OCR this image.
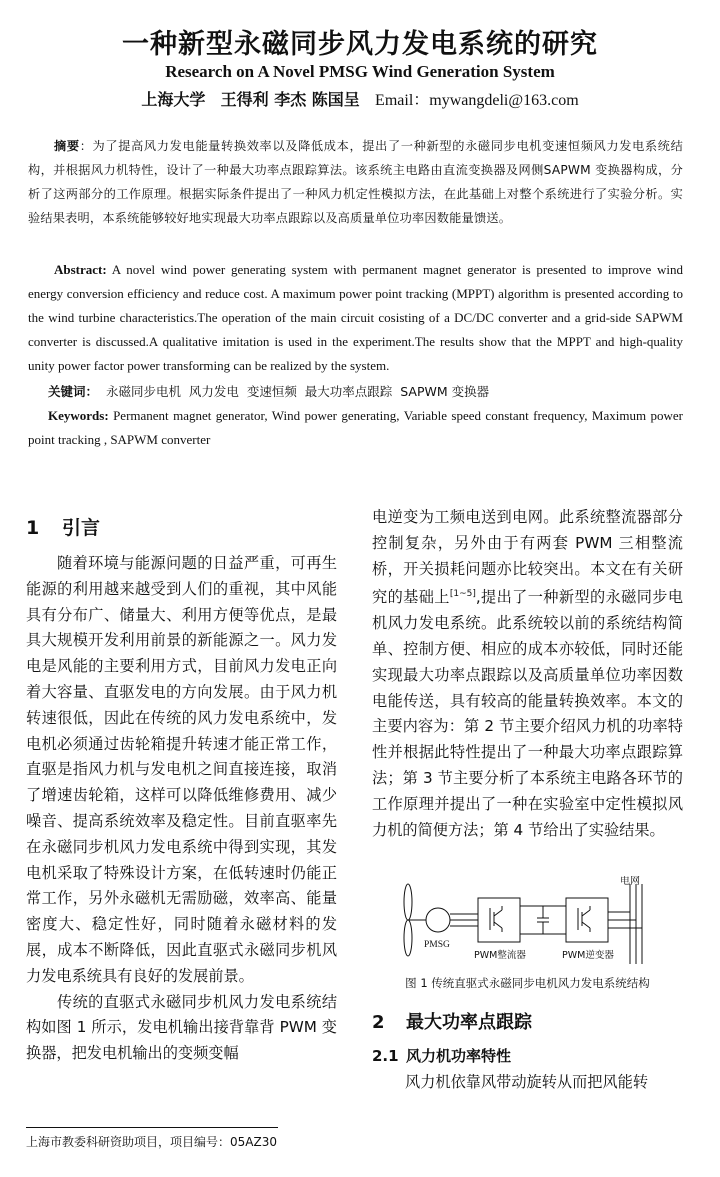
一种新型永磁同步风力发电系统的研究
Research on A Novel PMSG Wind Generation System
上海大学 王得利 李杰 陈国呈 Email：mywangdeli@163.com
摘要：为了提高风力发电能量转换效率以及降低成本，提出了一种新型的永磁同步电机变速恒频风力发电系统结构，并根据风力机特性，设计了一种最大功率点跟踪算法。该系统主电路由直流变换器及网侧SAPWM 变换器构成，分析了这两部分的工作原理。根据实际条件提出了一种风力机定性模拟方法，在此基础上对整个系统进行了实验分析。实验结果表明，本系统能够较好地实现最大功率点跟踪以及高质量单位功率因数能量馈送。
Abstract: A novel wind power generating system with permanent magnet generator is presented to improve wind energy conversion efficiency and reduce cost. A maximum power point tracking (MPPT) algorithm is presented according to the wind turbine characteristics.The operation of the main circuit cosisting of a DC/DC converter and a grid-side SAPWM converter is discussed.A qualitative imitation is used in the experiment.The results show that the MPPT and high-quality unity power factor power transforming can be realized by the system.
关键词：  永磁同步电机  风力发电  变速恒频  最大功率点跟踪  SAPWM 变换器
Keywords: Permanent magnet generator, Wind power generating, Variable speed constant frequency, Maximum power point tracking , SAPWM converter
1 引言

随着环境与能源问题的日益严重，可再生能源的利用越来越受到人们的重视，其中风能具有分布广、储量大、利用方便等优点，是最具大规模开发利用前景的新能源之一。风力发电是风能的主要利用方式，目前风力发电正向着大容量、直驱发电的方向发展。由于风力机转速很低，因此在传统的风力发电系统中，发电机必须通过齿轮箱提升转速才能正常工作，直驱是指风力机与发电机之间直接连接，取消了增速齿轮箱，这样可以降低维修费用、减少噪音、提高系统效率及稳定性。目前直驱率先在永磁同步机风力发电系统中得到实现，其发电机采取了特殊设计方案，在低转速时仍能正常工作，另外永磁机无需励磁，效率高、能量密度大、稳定性好，同时随着永磁材料的发展，成本不断降低，因此直驱式永磁同步机风力发电系统具有良好的发展前景。

传统的直驱式永磁同步机风力发电系统结构如图 1 所示，发电机输出接背靠背 PWM 变换器，把发电机输出的变频变幅

电逆变为工频电送到电网。此系统整流器部分控制复杂，另外由于有两套 PWM 三相整流桥，开关损耗问题亦比较突出。本文在有关研究的基础上[1~5],提出了一种新型的永磁同步电机风力发电系统。此系统较以前的系统结构简单、控制方便、相应的成本亦较低，同时还能实现最大功率点跟踪以及高质量单位功率因数电能传送，具有较高的能量转换效率。本文的主要内容为：第 2 节主要介绍风力机的功率特性并根据此特性提出了一种最大功率点跟踪算法；第 3 节主要分析了本系统主电路各环节的工作原理并提出了一种在实验室中定性模拟风力机的简便方法；第 4 节给出了实验结果。

电网
PMSG
PWM整流器	PWM逆变器
图 1 传统直驱式永磁同步电机风力发电系统结构
2 最大功率点跟踪
2.1 风力机功率特性
风力机依靠风带动旋转从而把风能转
上海市教委科研资助项目，项目编号：05AZ30
